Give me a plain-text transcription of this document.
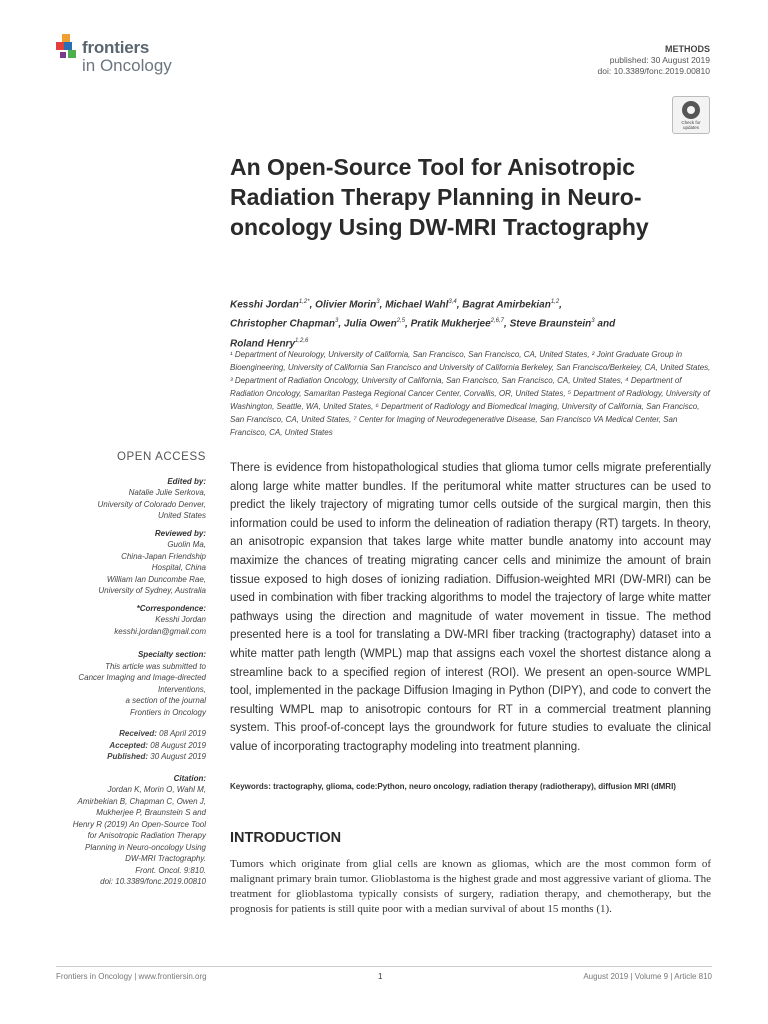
frontiers
in Oncology
METHODS
published: 30 August 2019
doi: 10.3389/fonc.2019.00810
Check for updates
An Open-Source Tool for Anisotropic Radiation Therapy Planning in Neuro-oncology Using DW-MRI Tractography
Kesshi Jordan$^{1,2*}$, Olivier Morin$^3$, Michael Wahl$^{3,4}$, Bagrat Amirbekian$^{1,2}$,
Christopher Chapman$^3$, Julia Owen$^{2,5}$, Pratik Mukherjee$^{2,6,7}$, Steve Braunstein$^3$ and
Roland Henry$^{1,2,6}$
¹ Department of Neurology, University of California, San Francisco, San Francisco, CA, United States, ² Joint Graduate Group in Bioengineering, University of California San Francisco and University of California Berkeley, San Francisco/Berkeley, CA, United States, ³ Department of Radiation Oncology, University of California, San Francisco, San Francisco, CA, United States, ⁴ Department of Radiation Oncology, Samaritan Pastega Regional Cancer Center, Corvallis, OR, United States, ⁵ Department of Radiology, University of Washington, Seattle, WA, United States, ⁶ Department of Radiology and Biomedical Imaging, University of California, San Francisco, San Francisco, CA, United States, ⁷ Center for Imaging of Neurodegenerative Disease, San Francisco VA Medical Center, San Francisco, CA, United States
OPEN ACCESS
Edited by:
Natalie Julie Serkova,
University of Colorado Denver,
United States
Reviewed by:
Guolin Ma,
China-Japan Friendship
Hospital, China
William Ian Duncombe Rae,
University of Sydney, Australia
*Correspondence:
Kesshi Jordan
kesshi.jordan@gmail.com
Specialty section:
This article was submitted to
Cancer Imaging and Image-directed
Interventions,
a section of the journal
Frontiers in Oncology
Received: 08 April 2019
Accepted: 08 August 2019
Published: 30 August 2019
Citation:
Jordan K, Morin O, Wahl M,
Amirbekian B, Chapman C, Owen J,
Mukherjee P, Braunstein S and
Henry R (2019) An Open-Source Tool
for Anisotropic Radiation Therapy
Planning in Neuro-oncology Using
DW-MRI Tractography.
Front. Oncol. 9:810.
doi: 10.3389/fonc.2019.00810
There is evidence from histopathological studies that glioma tumor cells migrate preferentially along large white matter bundles. If the peritumoral white matter structures can be used to predict the likely trajectory of migrating tumor cells outside of the surgical margin, then this information could be used to inform the delineation of radiation therapy (RT) targets. In theory, an anisotropic expansion that takes large white matter bundle anatomy into account may maximize the chances of treating migrating cancer cells and minimize the amount of brain tissue exposed to high doses of ionizing radiation. Diffusion-weighted MRI (DW-MRI) can be used in combination with fiber tracking algorithms to model the trajectory of large white matter pathways using the direction and magnitude of water movement in tissue. The method presented here is a tool for translating a DW-MRI fiber tracking (tractography) dataset into a white matter path length (WMPL) map that assigns each voxel the shortest distance along a streamline back to a specified region of interest (ROI). We present an open-source WMPL tool, implemented in the package Diffusion Imaging in Python (DIPY), and code to convert the resulting WMPL map to anisotropic contours for RT in a commercial treatment planning system. This proof-of-concept lays the groundwork for future studies to evaluate the clinical value of incorporating tractography modeling into treatment planning.
Keywords: tractography, glioma, code:Python, neuro oncology, radiation therapy (radiotherapy), diffusion MRI (dMRI)
INTRODUCTION
Tumors which originate from glial cells are known as gliomas, which are the most common form of malignant primary brain tumor. Glioblastoma is the highest grade and most aggressive variant of glioma. The treatment for glioblastoma typically consists of surgery, radiation therapy, and chemotherapy, but the prognosis for patients is still quite poor with a median survival of about 15 months (1).
Frontiers in Oncology | www.frontiersin.org	1	August 2019 | Volume 9 | Article 810
